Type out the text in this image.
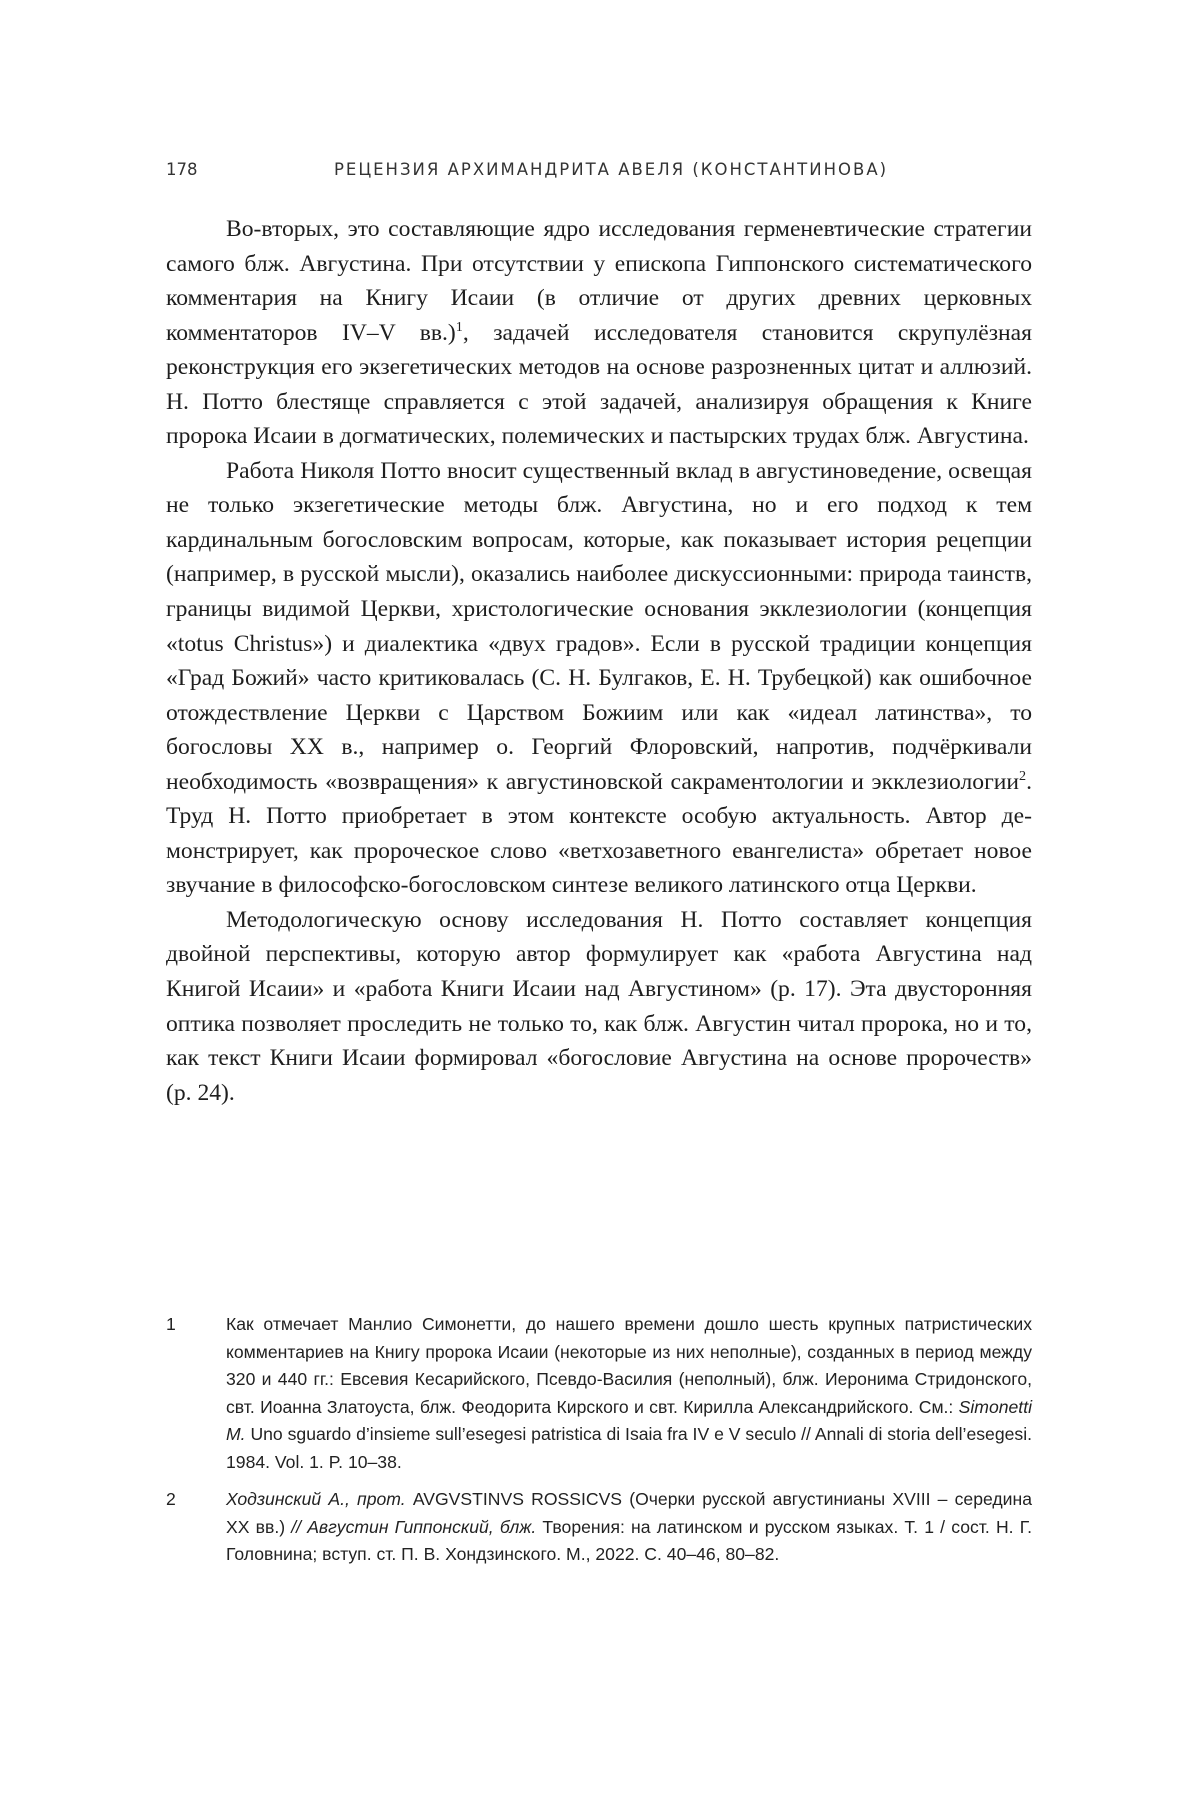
178	РЕЦЕНЗИЯ АРХИМАНДРИТА АВЕЛЯ (КОНСТАНТИНОВА)

Во-вторых, это составляющие ядро исследования герменевтические стратегии самого блж. Августина. При отсутствии у епископа Гиппонского систематического комментария на Книгу Исаии (в отличие от других древних церковных комментаторов IV–V вв.)$^1$, задачей исследователя становится скрупулёзная реконструкция его экзегетических методов на основе разрозненных цитат и аллюзий. Н. Потто блестяще справляется с этой задачей, анализируя обращения к Книге пророка Исаии в догматических, полемических и пастырских трудах блж. Августина.

Работа Николя Потто вносит существенный вклад в августиноведение, освещая не только экзегетические методы блж. Августина, но и его подход к тем кардинальным богословским вопросам, которые, как показывает история рецепции (например, в русской мысли), оказались наиболее дискуссионными: природа таинств, границы видимой Церкви, христологические основания экклезиологии (концепция «totus Christus») и диалектика «двух градов». Если в русской традиции концепция «Град Божий» часто критиковалась (С. Н. Булгаков, Е. Н. Трубецкой) как ошибочное отождествление Церкви с Царством Божиим или как «идеал латинства», то богословы XX в., например о. Георгий Флоровский, напротив, подчёркивали необходимость «возвращения» к августиновской сакраментологии и экклезиологии$^2$. Труд Н. Потто приобретает в этом контексте особую актуальность. Автор демонстрирует, как пророческое слово «ветхозаветного евангелиста» обретает новое звучание в философско-богословском синтезе великого латинского отца Церкви.

Методологическую основу исследования Н. Потто составляет концепция двойной перспективы, которую автор формулирует как «работа Августина над Книгой Исаии» и «работа Книги Исаии над Августином» (p. 17). Эта двусторонняя оптика позволяет проследить не только то, как блж. Августин читал пророка, но и то, как текст Книги Исаии формировал «богословие Августина на основе пророчеств» (p. 24).

1	Как отмечает Манлио Симонетти, до нашего времени дошло шесть крупных патристических комментариев на Книгу пророка Исаии (некоторые из них неполные), созданных в период между 320 и 440 гг.: Евсевия Кесарийского, Псевдо-Василия (неполный), блж. Иеронима Стридонского, свт. Иоанна Златоуста, блж. Феодорита Кирского и свт. Кирилла Александрийского. См.: Simonetti M. Uno sguardo d’insieme sull’esegesi patristica di Isaia fra IV e V seculo // Annali di storia dell’esegesi. 1984. Vol. 1. P. 10–38.
2	Ходзинский А., прот. AVGVSTINVS ROSSICVS (Очерки русской августинианы XVIII – середина XX вв.) // Августин Гиппонский, блж. Творения: на латинском и русском языках. Т. 1 / сост. Н. Г. Головнина; вступ. ст. П. В. Хондзинского. М., 2022. С. 40–46, 80–82.
